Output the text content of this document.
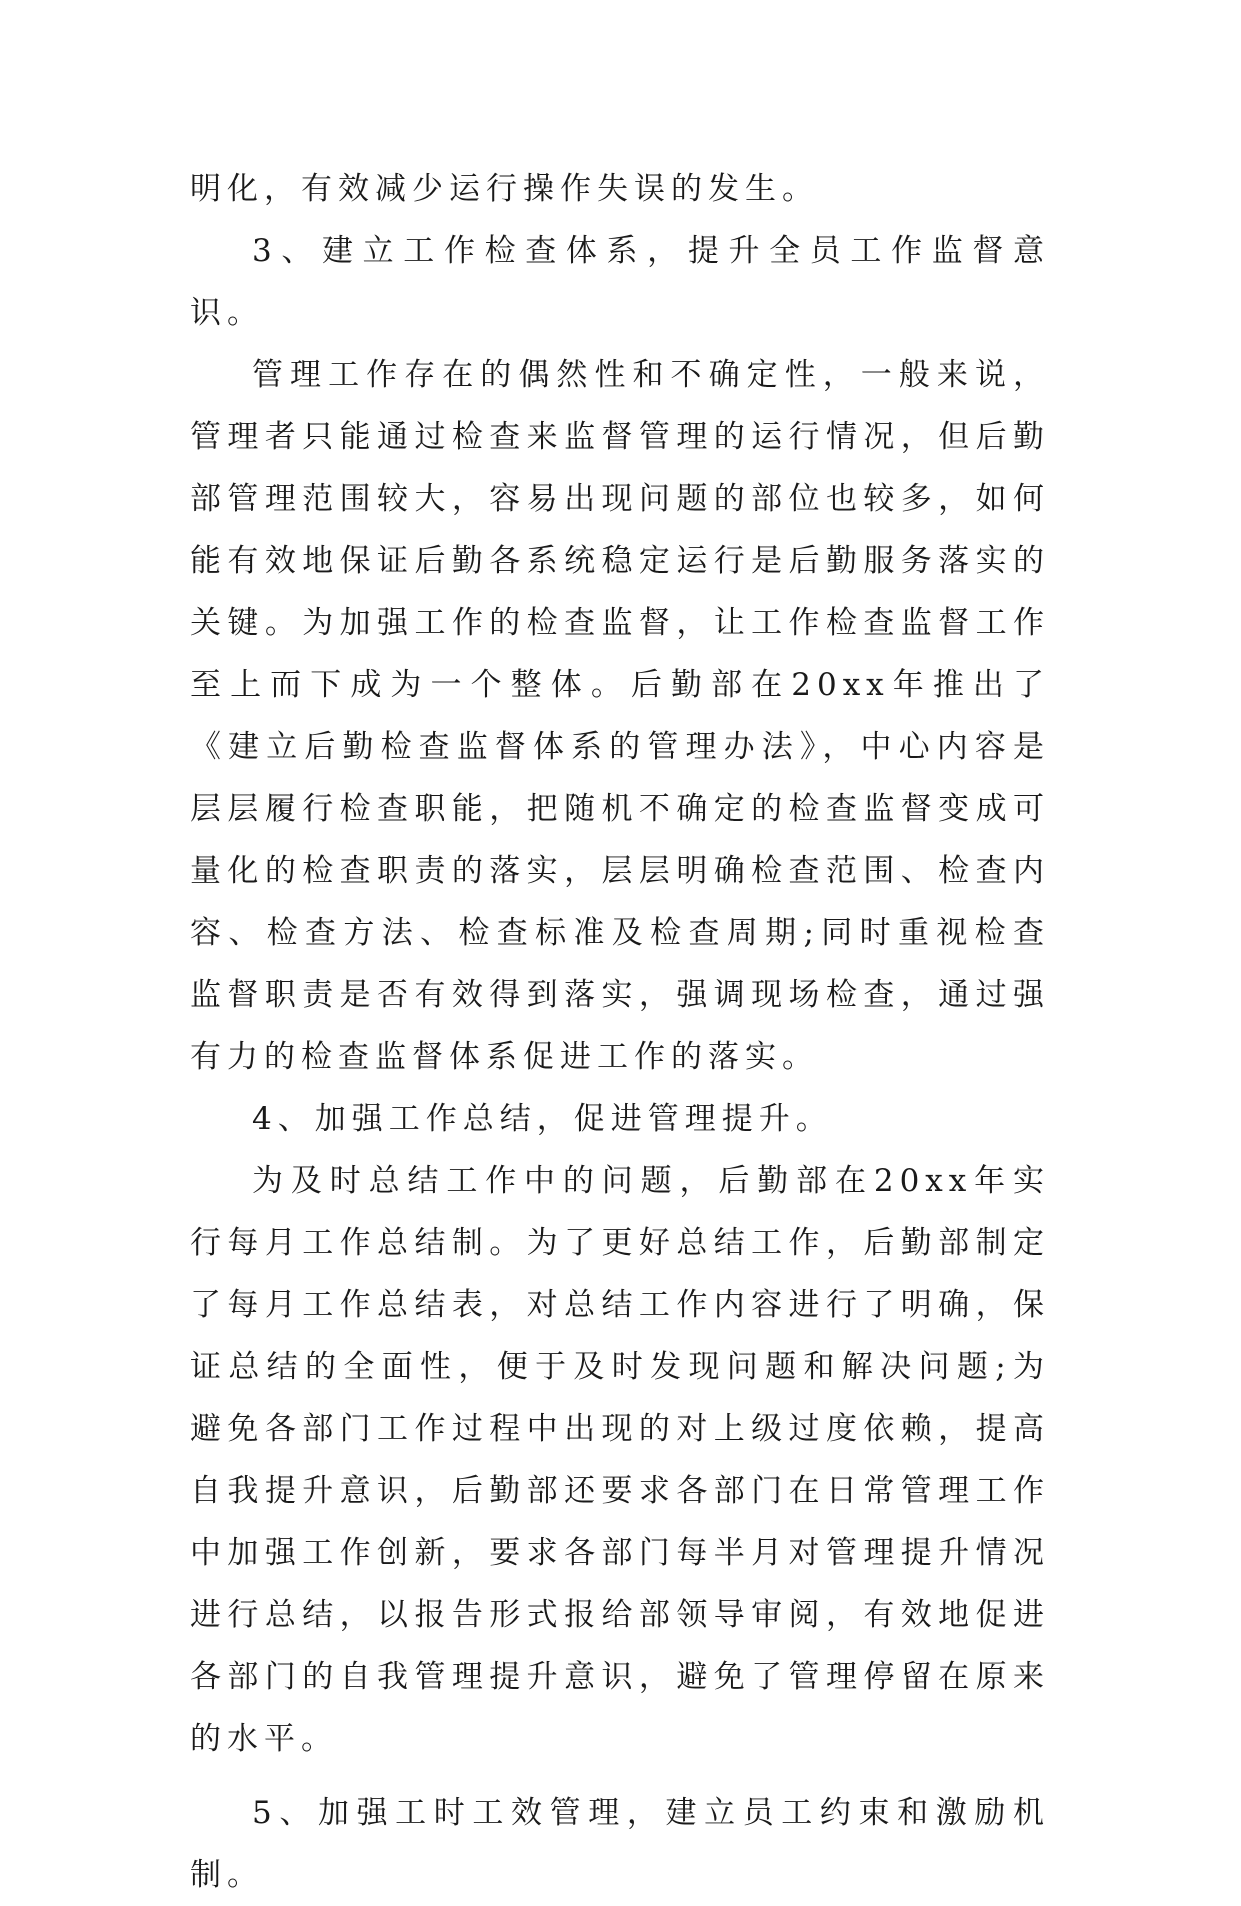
明化，有效减少运行操作失误的发生。

3、建立工作检查体系，提升全员工作监督意识。

管理工作存在的偶然性和不确定性，一般来说，管理者只能通过检查来监督管理的运行情况，但后勤部管理范围较大，容易出现问题的部位也较多，如何能有效地保证后勤各系统稳定运行是后勤服务落实的关键。为加强工作的检查监督，让工作检查监督工作至上而下成为一个整体。后勤部在20xx年推出了《建立后勤检查监督体系的管理办法》，中心内容是层层履行检查职能，把随机不确定的检查监督变成可量化的检查职责的落实，层层明确检查范围、检查内容、检查方法、检查标准及检查周期;同时重视检查监督职责是否有效得到落实，强调现场检查，通过强有力的检查监督体系促进工作的落实。

4、加强工作总结，促进管理提升。

为及时总结工作中的问题，后勤部在20xx年实行每月工作总结制。为了更好总结工作，后勤部制定了每月工作总结表，对总结工作内容进行了明确，保证总结的全面性，便于及时发现问题和解决问题;为避免各部门工作过程中出现的对上级过度依赖，提高自我提升意识，后勤部还要求各部门在日常管理工作中加强工作创新，要求各部门每半月对管理提升情况进行总结，以报告形式报给部领导审阅，有效地促进各部门的自我管理提升意识，避免了管理停留在原来的水平。

5、加强工时工效管理，建立员工约束和激励机制。
